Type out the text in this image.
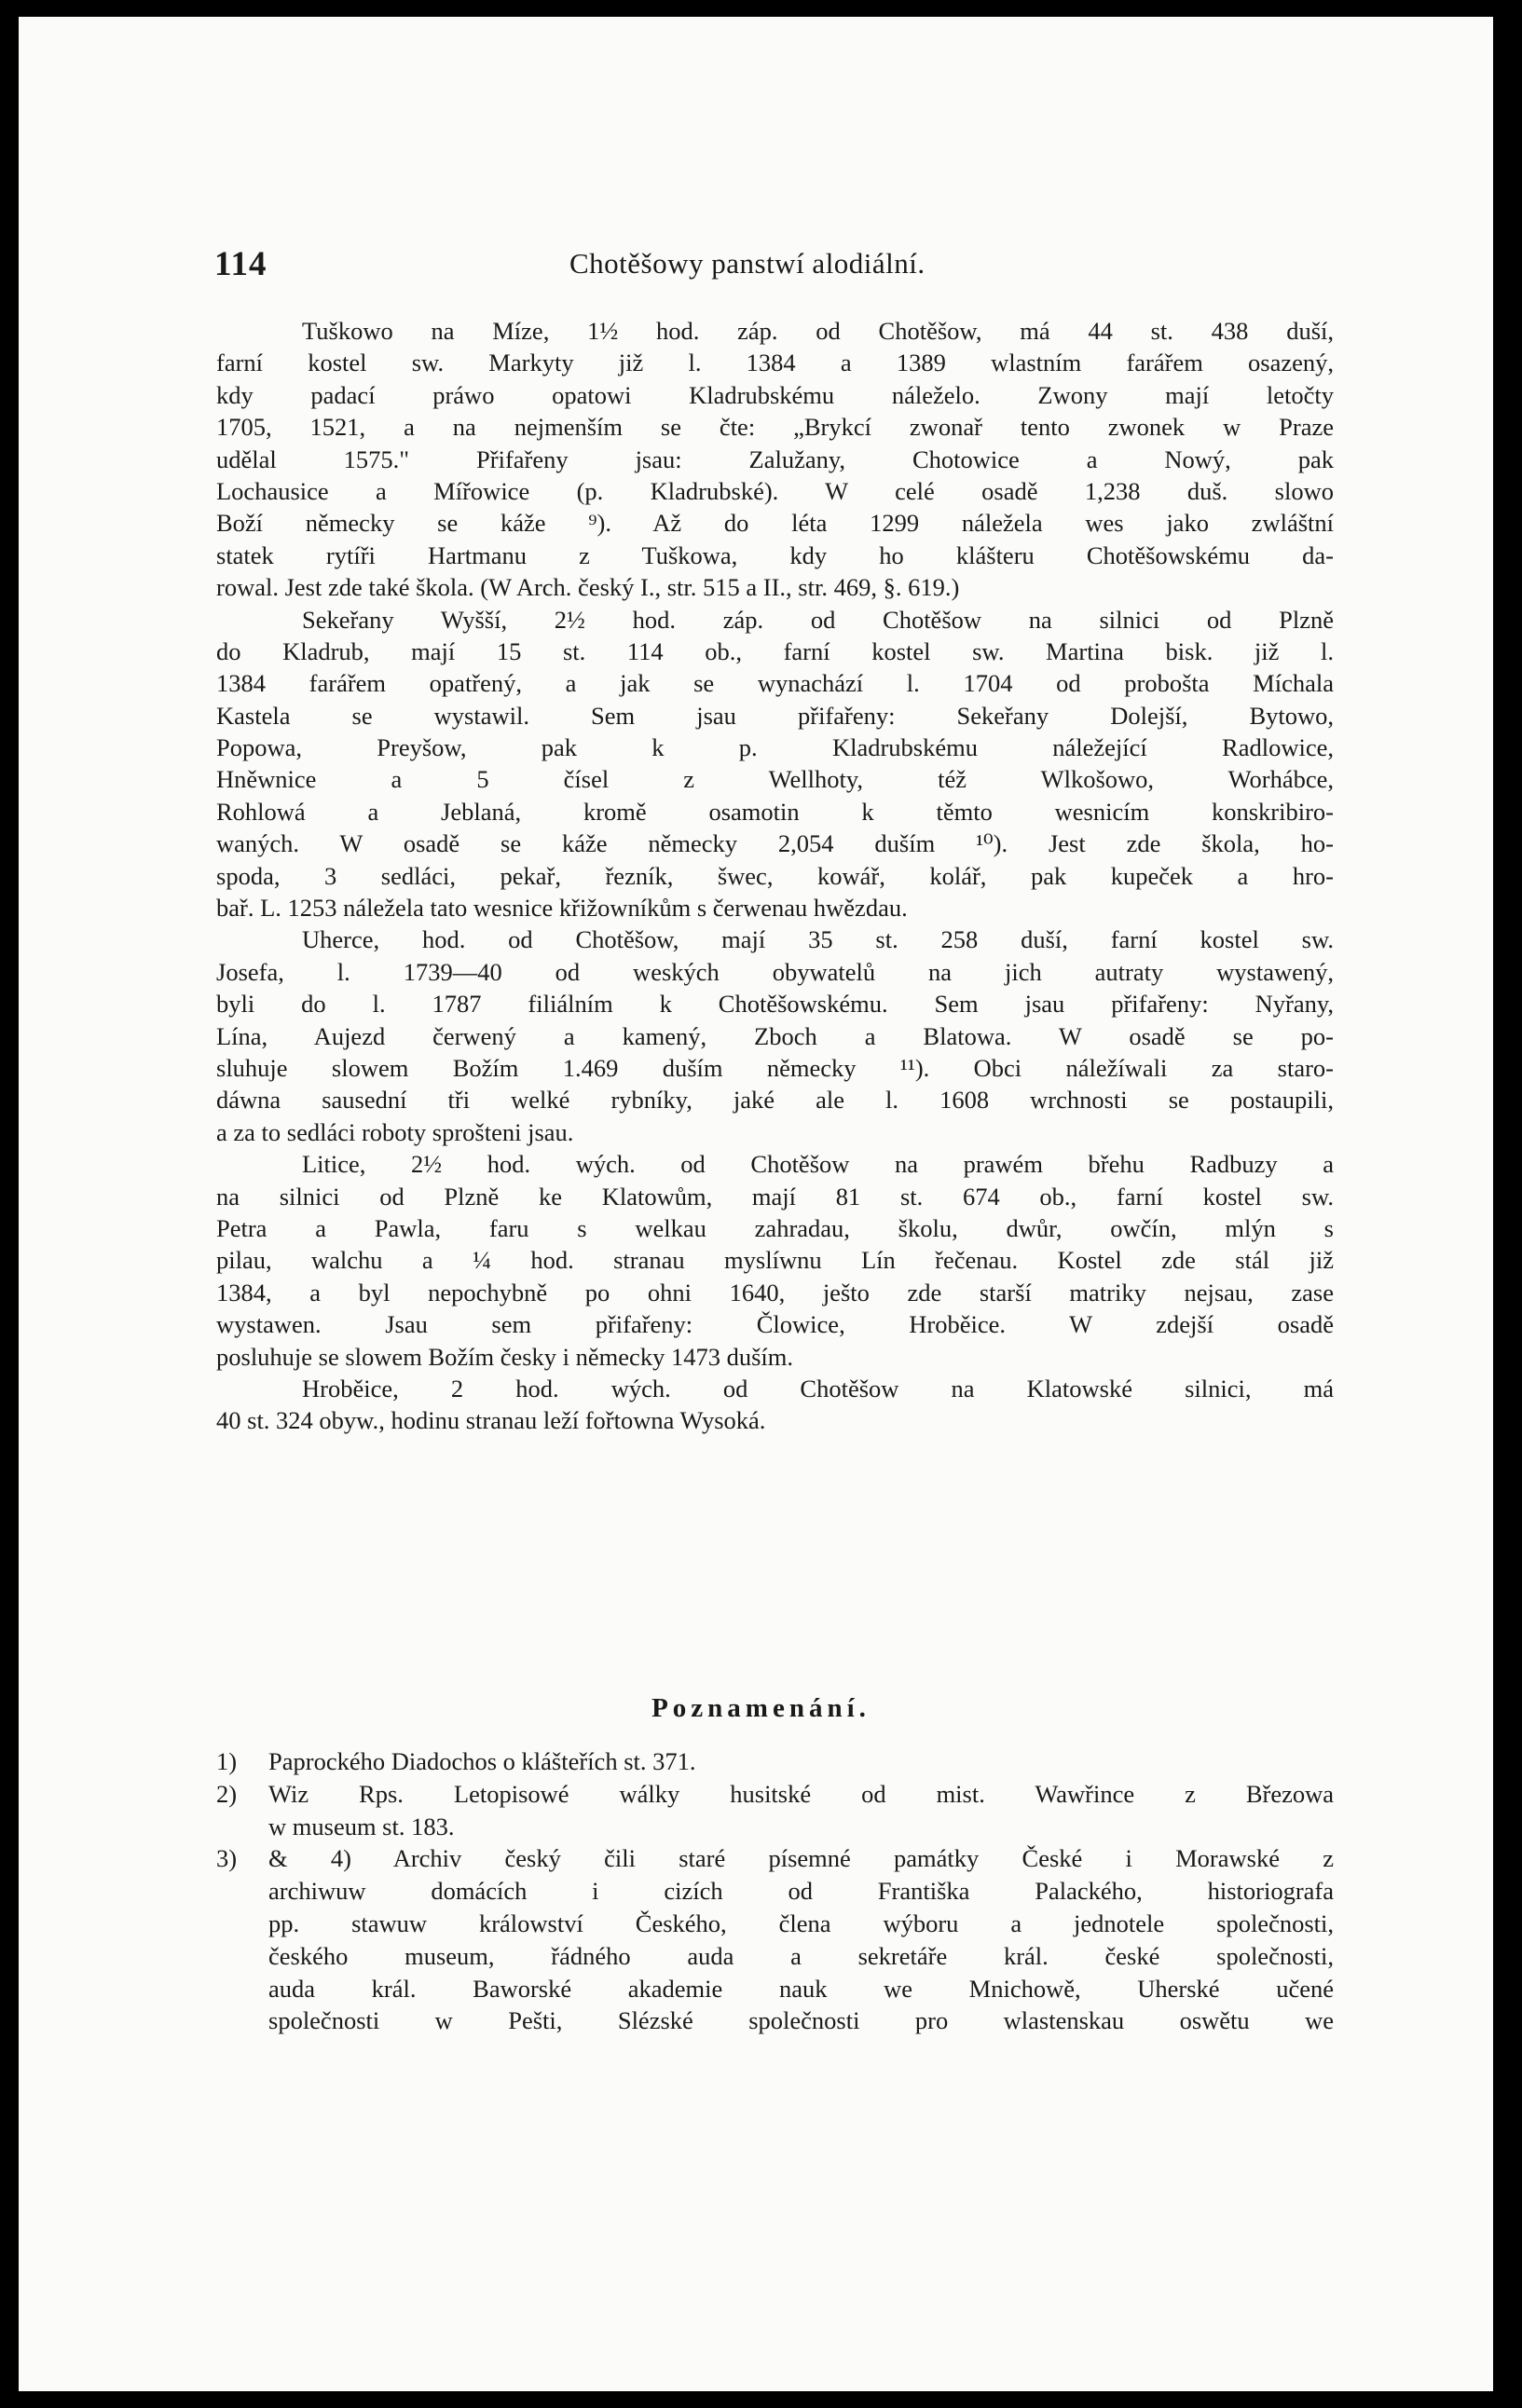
114	Chotěšowy panstwí alodiální.
Tuškowo na Míze, 1½ hod. záp. od Chotěšow, má 44 st. 438 duší,
farní kostel sw. Markyty již l. 1384 a 1389 wlastním farářem osazený,
kdy padací práwo opatowi Kladrubskému náleželo. Zwony mají letočty
1705, 1521, a na nejmenším se čte: „Brykcí zwonař tento zwonek w Praze
udělal 1575." Přifařeny jsau: Zalužany, Chotowice a Nowý, pak
Lochausice a Mířowice (p. Kladrubské). W celé osadě 1,238 duš. slowo
Boží německy se káže ⁹). Až do léta 1299 náležela wes jako zwláštní
statek rytíři Hartmanu z Tuškowa, kdy ho klášteru Chotěšowskému da-
rowal. Jest zde také škola. (W Arch. český I., str. 515 a II., str. 469, §. 619.)
Sekeřany Wyšší, 2½ hod. záp. od Chotěšow na silnici od Plzně
do Kladrub, mají 15 st. 114 ob., farní kostel sw. Martina bisk. již l.
1384 farářem opatřený, a jak se wynachází l. 1704 od probošta Míchala
Kastela se wystawil. Sem jsau přifařeny: Sekeřany Dolejší, Bytowo,
Popowa, Preyšow, pak k p. Kladrubskému náležející Radlowice,
Hněwnice a 5 čísel z Wellhoty, též Wlkošowo, Worhábce,
Rohlowá a Jeblaná, kromě osamotin k těmto wesnicím konskribiro-
waných. W osadě se káže německy 2,054 duším ¹⁰). Jest zde škola, ho-
spoda, 3 sedláci, pekař, řezník, šwec, kowář, kolář, pak kupeček a hro-
bař. L. 1253 náležela tato wesnice křižowníkům s čerwenau hwězdau.
Uherce, hod. od Chotěšow, mají 35 st. 258 duší, farní kostel sw.
Josefa, l. 1739—40 od weských obywatelů na jich autraty wystawený,
byli do l. 1787 filiálním k Chotěšowskému. Sem jsau přifařeny: Nyřany,
Lína, Aujezd čerwený a kamený, Zboch a Blatowa. W osadě se po-
sluhuje slowem Božím 1.469 duším německy ¹¹). Obci náležíwali za staro-
dáwna sausední tři welké rybníky, jaké ale l. 1608 wrchnosti se postaupili,
a za to sedláci roboty sprošteni jsau.
Litice, 2½ hod. wých. od Chotěšow na prawém břehu Radbuzy a
na silnici od Plzně ke Klatowům, mají 81 st. 674 ob., farní kostel sw.
Petra a Pawla, faru s welkau zahradau, školu, dwůr, owčín, mlýn s
pilau, walchu a ¼ hod. stranau myslíwnu Lín řečenau. Kostel zde stál již
1384, a byl nepochybně po ohni 1640, ješto zde starší matriky nejsau, zase
wystawen. Jsau sem přifařeny: Člowice, Hroběice. W zdejší osadě
posluhuje se slowem Božím česky i německy 1473 duším.
Hroběice, 2 hod. wých. od Chotěšow na Klatowské silnici, má
40 st. 324 obyw., hodinu stranau leží fořtowna Wysoká.
Poznamenání.
1)	Paprockého Diadochos o klášteřích st. 371.
2)	Wiz Rps. Letopisowé wálky husitské od mist. Wawřince z Březowa
w museum st. 183.
3)	& 4) Archiv český čili staré písemné památky České i Morawské z
archiwuw domácích i cizích od Františka Palackého, historiografa
pp. stawuw králowství Českého, člena wýboru a jednotele společnosti,
českého museum, řádného auda a sekretáře král. české společnosti,
auda král. Baworské akademie nauk we Mnichowě, Uherské učené
společnosti w Pešti, Slézské společnosti pro wlastenskau oswětu we
